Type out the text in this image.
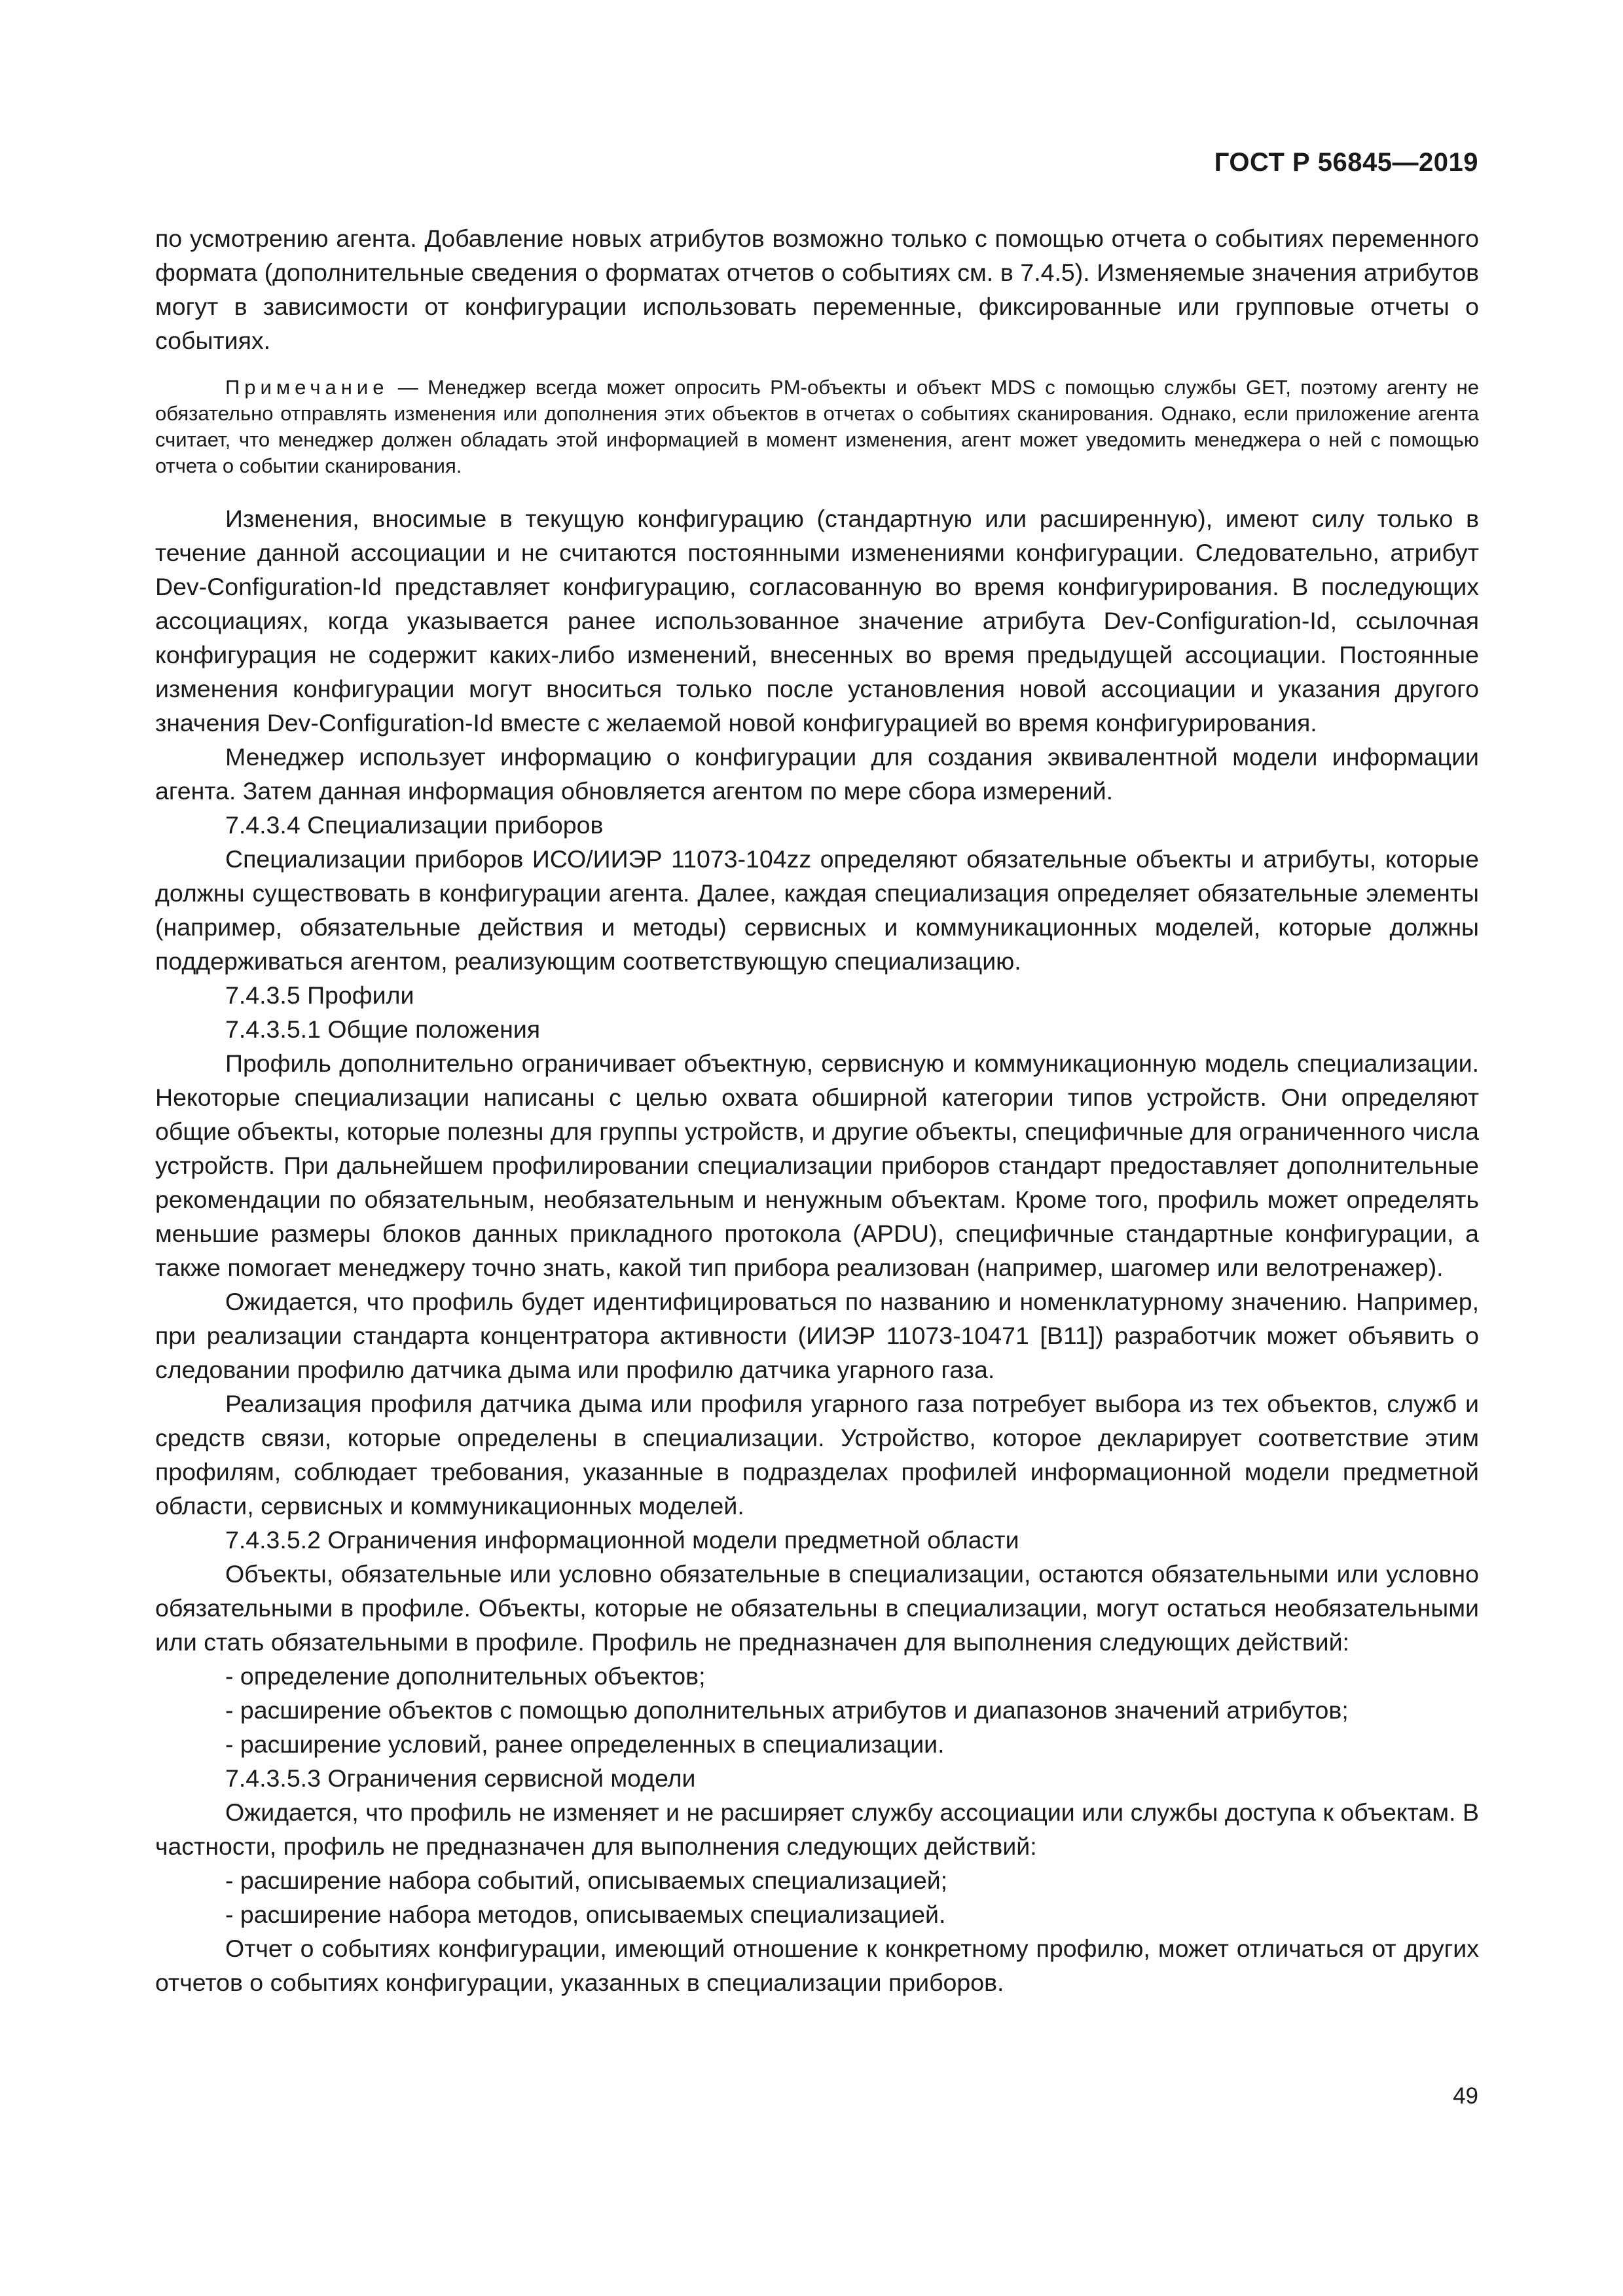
ГОСТ Р 56845—2019

по усмотрению агента. Добавление новых атрибутов возможно только с помощью отчета о событиях переменного формата (дополнительные сведения о форматах отчетов о событиях см. в 7.4.5). Изменяемые значения атрибутов могут в зависимости от конфигурации использовать переменные, фиксированные или групповые отчеты о событиях.

Примечание — Менеджер всегда может опросить PM-объекты и объект MDS с помощью службы GET, поэтому агенту не обязательно отправлять изменения или дополнения этих объектов в отчетах о событиях сканирования. Однако, если приложение агента считает, что менеджер должен обладать этой информацией в момент изменения, агент может уведомить менеджера о ней с помощью отчета о событии сканирования.

Изменения, вносимые в текущую конфигурацию (стандартную или расширенную), имеют силу только в течение данной ассоциации и не считаются постоянными изменениями конфигурации. Следовательно, атрибут Dev-Configuration-Id представляет конфигурацию, согласованную во время конфигурирования. В последующих ассоциациях, когда указывается ранее использованное значение атрибута Dev-Configuration-Id, ссылочная конфигурация не содержит каких-либо изменений, внесенных во время предыдущей ассоциации. Постоянные изменения конфигурации могут вноситься только после установления новой ассоциации и указания другого значения Dev-Configuration-Id вместе с желаемой новой конфигурацией во время конфигурирования.

Менеджер использует информацию о конфигурации для создания эквивалентной модели информации агента. Затем данная информация обновляется агентом по мере сбора измерений.

7.4.3.4 Специализации приборов

Специализации приборов ИСО/ИИЭР 11073-104zz определяют обязательные объекты и атрибуты, которые должны существовать в конфигурации агента. Далее, каждая специализация определяет обязательные элементы (например, обязательные действия и методы) сервисных и коммуникационных моделей, которые должны поддерживаться агентом, реализующим соответствующую специализацию.

7.4.3.5 Профили

7.4.3.5.1 Общие положения

Профиль дополнительно ограничивает объектную, сервисную и коммуникационную модель специализации. Некоторые специализации написаны с целью охвата обширной категории типов устройств. Они определяют общие объекты, которые полезны для группы устройств, и другие объекты, специфичные для ограниченного числа устройств. При дальнейшем профилировании специализации приборов стандарт предоставляет дополнительные рекомендации по обязательным, необязательным и ненужным объектам. Кроме того, профиль может определять меньшие размеры блоков данных прикладного протокола (APDU), специфичные стандартные конфигурации, а также помогает менеджеру точно знать, какой тип прибора реализован (например, шагомер или велотренажер).

Ожидается, что профиль будет идентифицироваться по названию и номенклатурному значению. Например, при реализации стандарта концентратора активности (ИИЭР 11073-10471 [B11]) разработчик может объявить о следовании профилю датчика дыма или профилю датчика угарного газа.

Реализация профиля датчика дыма или профиля угарного газа потребует выбора из тех объектов, служб и средств связи, которые определены в специализации. Устройство, которое декларирует соответствие этим профилям, соблюдает требования, указанные в подразделах профилей информационной модели предметной области, сервисных и коммуникационных моделей.

7.4.3.5.2 Ограничения информационной модели предметной области

Объекты, обязательные или условно обязательные в специализации, остаются обязательными или условно обязательными в профиле. Объекты, которые не обязательны в специализации, могут остаться необязательными или стать обязательными в профиле. Профиль не предназначен для выполнения следующих действий:

- определение дополнительных объектов;

- расширение объектов с помощью дополнительных атрибутов и диапазонов значений атрибутов;

- расширение условий, ранее определенных в специализации.

7.4.3.5.3 Ограничения сервисной модели

Ожидается, что профиль не изменяет и не расширяет службу ассоциации или службы доступа к объектам. В частности, профиль не предназначен для выполнения следующих действий:

- расширение набора событий, описываемых специализацией;

- расширение набора методов, описываемых специализацией.

Отчет о событиях конфигурации, имеющий отношение к конкретному профилю, может отличаться от других отчетов о событиях конфигурации, указанных в специализации приборов.

49
